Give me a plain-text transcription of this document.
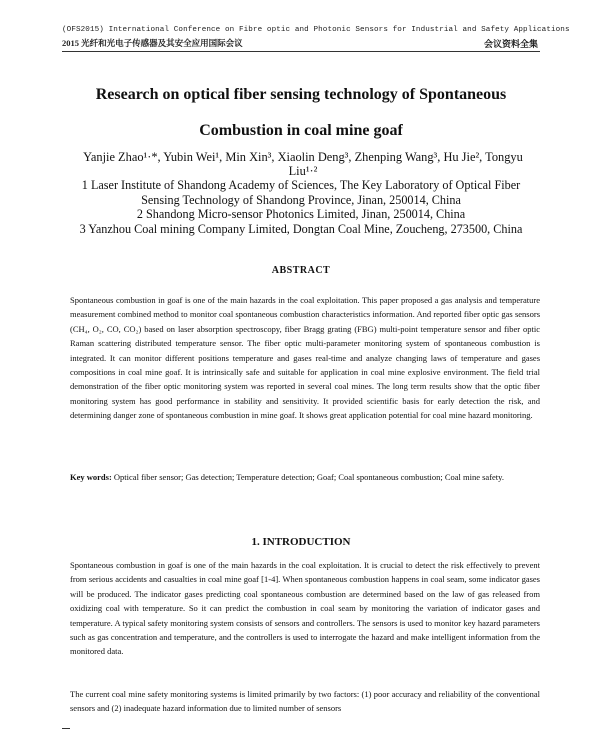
(OFS2015) International Conference on Fibre optic and Photonic Sensors for Industrial and Safety Applications
2015 光纤和光电子传感器及其安全应用国际会议	会议资料全集
Research on optical fiber sensing technology of Spontaneous Combustion in coal mine goaf
Yanjie Zhao¹·*, Yubin Wei¹, Min Xin³, Xiaolin Deng³, Zhenping Wang³, Hu Jie², Tongyu Liu¹·²
1 Laser Institute of Shandong Academy of Sciences, The Key Laboratory of Optical Fiber
Sensing Technology of Shandong Province, Jinan, 250014, China
2 Shandong Micro-sensor Photonics Limited, Jinan, 250014, China
3 Yanzhou Coal mining Company Limited, Dongtan Coal Mine, Zoucheng, 273500, China
ABSTRACT
Spontaneous combustion in goaf is one of the main hazards in the coal exploitation. This paper proposed a gas analysis and temperature measurement combined method to monitor coal spontaneous combustion characteristics information. And reported fiber optic gas sensors (CH₄, O₂, CO, CO₂) based on laser absorption spectroscopy, fiber Bragg grating (FBG) multi-point temperature sensor and fiber optic Raman scattering distributed temperature sensor. The fiber optic multi-parameter monitoring system of spontaneous combustion is integrated. It can monitor different positions temperature and gases real-time and analyze changing laws of temperature and gases compositions in coal mine goaf. It is intrinsically safe and suitable for application in coal mine explosive environment. The field trial demonstration of the fiber optic monitoring system was reported in several coal mines. The long term results show that the optic fiber monitoring system has good performance in stability and sensitivity. It provided scientific basis for early detection the risk, and determining danger zone of spontaneous combustion in mine goaf. It shows great application potential for coal mine hazard monitoring.
Key words: Optical fiber sensor; Gas detection; Temperature detection; Goaf; Coal spontaneous combustion; Coal mine safety.
1. INTRODUCTION
Spontaneous combustion in goaf is one of the main hazards in the coal exploitation. It is crucial to detect the risk effectively to prevent from serious accidents and casualties in coal mine goaf [1-4]. When spontaneous combustion happens in coal seam, some indicator gases will be produced. The indicator gases predicting coal spontaneous combustion are determined based on the law of gas released from oxidizing coal with temperature. So it can predict the combustion in coal seam by monitoring the variation of indicator gases and temperature. A typical safety monitoring system consists of sensors and controllers. The sensors is used to monitor key hazard parameters such as gas concentration and temperature, and the controllers is used to interrogate the hazard and make intelligent information from the monitored data.
The current coal mine safety monitoring systems is limited primarily by two factors: (1) poor accuracy and reliability of the conventional sensors and (2) inadequate hazard information due to limited number of sensors
